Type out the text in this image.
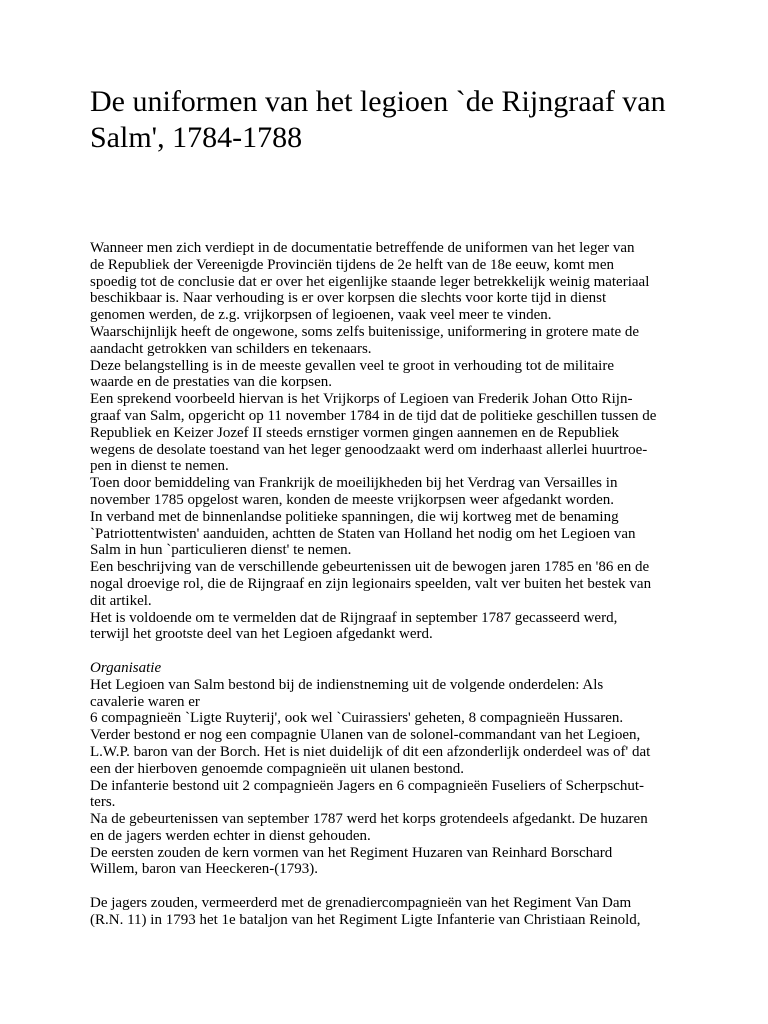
De uniformen van het legioen `de Rijngraaf van Salm', 1784-1788

Wanneer men zich verdiept in de documentatie betreffende de uniformen van het leger van

de Republiek der Vereenigde Provinciën tijdens de 2e helft van de 18e eeuw, komt men

spoedig tot de conclusie dat er over het eigenlijke staande leger betrekkelijk weinig materiaal

beschikbaar is. Naar verhouding is er over korpsen die slechts voor korte tijd in dienst

genomen werden, de z.g. vrijkorpsen of legioenen, vaak veel meer te vinden.

Waarschijnlijk heeft de ongewone, soms zelfs buitenissige, uniformering in grotere mate de

aandacht getrokken van schilders en tekenaars.

Deze belangstelling is in de meeste gevallen veel te groot in verhouding tot de militaire

waarde en de prestaties van die korpsen.

Een sprekend voorbeeld hiervan is het Vrijkorps of Legioen van Frederik Johan Otto Rijn-

graaf van Salm, opgericht op 11 november 1784 in de tijd dat de politieke geschillen tussen de

Republiek en Keizer Jozef II steeds ernstiger vormen gingen aannemen en de Republiek

wegens de desolate toestand van het leger genoodzaakt werd om inderhaast allerlei huurtroe-

pen in dienst te nemen.

Toen door bemiddeling van Frankrijk de moeilijkheden bij het Verdrag van Versailles in

november 1785 opgelost waren, konden de meeste vrijkorpsen weer afgedankt worden.

In verband met de binnenlandse politieke spanningen, die wij kortweg met de benaming

`Patriottentwisten' aanduiden, achtten de Staten van Holland het nodig om het Legioen van

Salm in hun `particulieren dienst' te nemen.

Een beschrijving van de verschillende gebeurtenissen uit de bewogen jaren 1785 en '86 en de

nogal droevige rol, die de Rijngraaf en zijn legionairs speelden, valt ver buiten het bestek van

dit artikel.

Het is voldoende om te vermelden dat de Rijngraaf in september 1787 gecasseerd werd,

terwijl het grootste deel van het Legioen afgedankt werd.

Organisatie

Het Legioen van Salm bestond bij de indienstneming uit de volgende onderdelen: Als

cavalerie waren er

6 compagnieën `Ligte Ruyterij', ook wel `Cuirassiers' geheten, 8 compagnieën Hussaren.

Verder bestond er nog een compagnie Ulanen van de solonel-commandant van het Legioen,

L.W.P. baron van der Borch. Het is niet duidelijk of dit een afzonderlijk onderdeel was of' dat

een der hierboven genoemde compagnieën uit ulanen bestond.

De infanterie bestond uit 2 compagnieën Jagers en 6 compagnieën Fuseliers of Scherpschut-

ters.

Na de gebeurtenissen van september 1787 werd het korps grotendeels afgedankt. De huzaren

en de jagers werden echter in dienst gehouden.

De eersten zouden de kern vormen van het Regiment Huzaren van Reinhard Borschard

Willem, baron van Heeckeren-(1793).

De jagers zouden, vermeerderd met de grenadiercompagnieën van het Regiment Van Dam

(R.N. 11) in 1793 het 1e bataljon van het Regiment Ligte Infanterie van Christiaan Reinold,
